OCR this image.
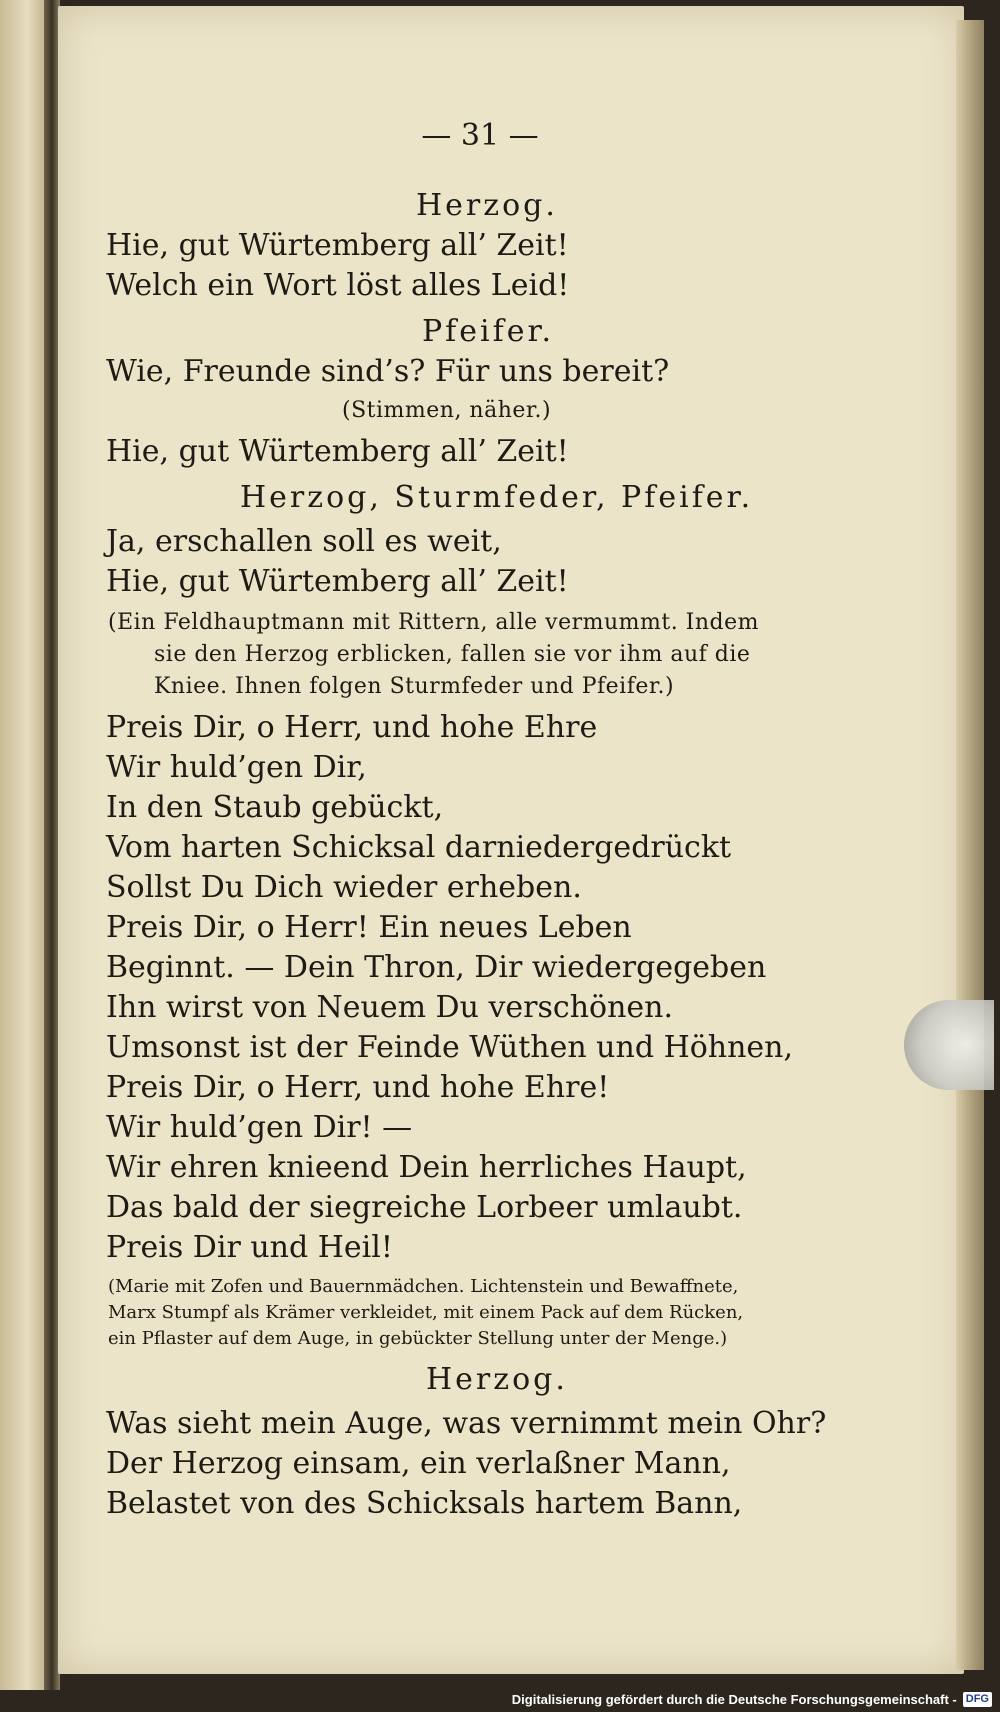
— 31 —
Herzog.
Hie, gut Würtemberg all’ Zeit!
Welch ein Wort löst alles Leid!
Pfeifer.
Wie, Freunde sind’s? Für uns bereit?
(Stimmen, näher.)
Hie, gut Würtemberg all’ Zeit!
Herzog, Sturmfeder, Pfeifer.
Ja, erschallen soll es weit,
Hie, gut Würtemberg all’ Zeit!
(Ein Feldhauptmann mit Rittern, alle vermummt. Indem
sie den Herzog erblicken, fallen sie vor ihm auf die
Kniee. Ihnen folgen Sturmfeder und Pfeifer.)
Preis Dir, o Herr, und hohe Ehre
Wir huld’gen Dir,
In den Staub gebückt,
Vom harten Schicksal darniedergedrückt
Sollst Du Dich wieder erheben.
Preis Dir, o Herr! Ein neues Leben
Beginnt. — Dein Thron, Dir wiedergegeben
Ihn wirst von Neuem Du verschönen.
Umsonst ist der Feinde Wüthen und Höhnen,
Preis Dir, o Herr, und hohe Ehre!
Wir huld’gen Dir! —
Wir ehren knieend Dein herrliches Haupt,
Das bald der siegreiche Lorbeer umlaubt.
Preis Dir und Heil!
(Marie mit Zofen und Bauernmädchen. Lichtenstein und Bewaffnete,
Marx Stumpf als Krämer verkleidet, mit einem Pack auf dem Rücken,
ein Pflaster auf dem Auge, in gebückter Stellung unter der Menge.)
Herzog.
Was sieht mein Auge, was vernimmt mein Ohr?
Der Herzog einsam, ein verlaßner Mann,
Belastet von des Schicksals hartem Bann,
Digitalisierung gefördert durch die Deutsche Forschungsgemeinschaft - DFG
